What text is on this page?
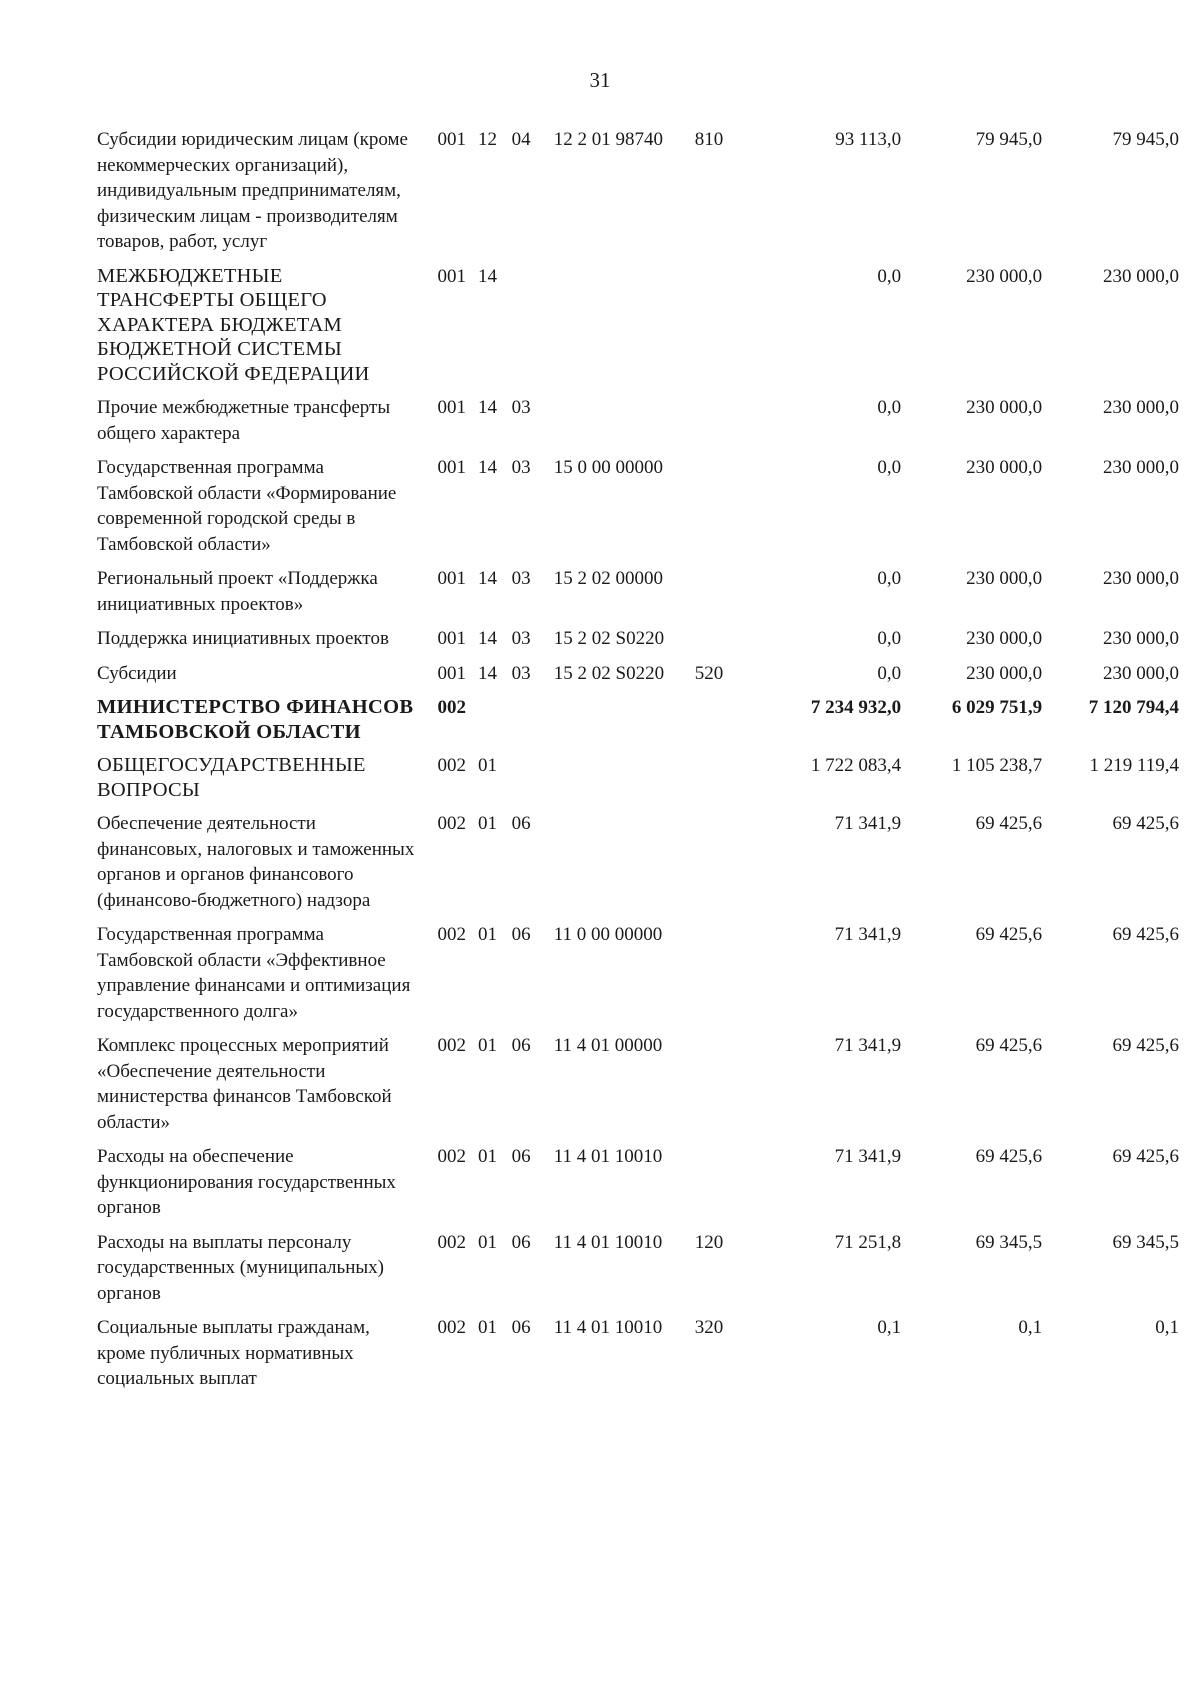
31
Субсидии юридическим лицам (кроме некоммерческих организаций), индивидуальным предпринимателям, физическим лицам - производителям товаров, работ, услуг	001	12	04	12 2 01 98740	810	93 113,0	79 945,0	79 945,0
МЕЖБЮДЖЕТНЫЕ ТРАНСФЕРТЫ ОБЩЕГО ХАРАКТЕРА БЮДЖЕТАМ БЮДЖЕТНОЙ СИСТЕМЫ РОССИЙСКОЙ ФЕДЕРАЦИИ	001	14				0,0	230 000,0	230 000,0
Прочие межбюджетные трансферты общего характера	001	14	03			0,0	230 000,0	230 000,0
Государственная программа Тамбовской области «Формирование современной городской среды в Тамбовской области»	001	14	03	15 0 00 00000		0,0	230 000,0	230 000,0
Региональный проект «Поддержка инициативных проектов»	001	14	03	15 2 02 00000		0,0	230 000,0	230 000,0
Поддержка инициативных проектов	001	14	03	15 2 02 S0220		0,0	230 000,0	230 000,0
Субсидии	001	14	03	15 2 02 S0220	520	0,0	230 000,0	230 000,0
МИНИСТЕРСТВО ФИНАНСОВ ТАМБОВСКОЙ ОБЛАСТИ	002					7 234 932,0	6 029 751,9	7 120 794,4
ОБЩЕГОСУДАРСТВЕННЫЕ ВОПРОСЫ	002	01				1 722 083,4	1 105 238,7	1 219 119,4
Обеспечение деятельности финансовых, налоговых и таможенных органов и органов финансового (финансово-бюджетного) надзора	002	01	06			71 341,9	69 425,6	69 425,6
Государственная программа Тамбовской области «Эффективное управление финансами и оптимизация государственного долга»	002	01	06	11 0 00 00000		71 341,9	69 425,6	69 425,6
Комплекс процессных мероприятий «Обеспечение деятельности министерства финансов Тамбовской области»	002	01	06	11 4 01 00000		71 341,9	69 425,6	69 425,6
Расходы на обеспечение функционирования государственных органов	002	01	06	11 4 01 10010		71 341,9	69 425,6	69 425,6
Расходы на выплаты персоналу государственных (муниципальных) органов	002	01	06	11 4 01 10010	120	71 251,8	69 345,5	69 345,5
Социальные выплаты гражданам, кроме публичных нормативных социальных выплат	002	01	06	11 4 01 10010	320	0,1	0,1	0,1
